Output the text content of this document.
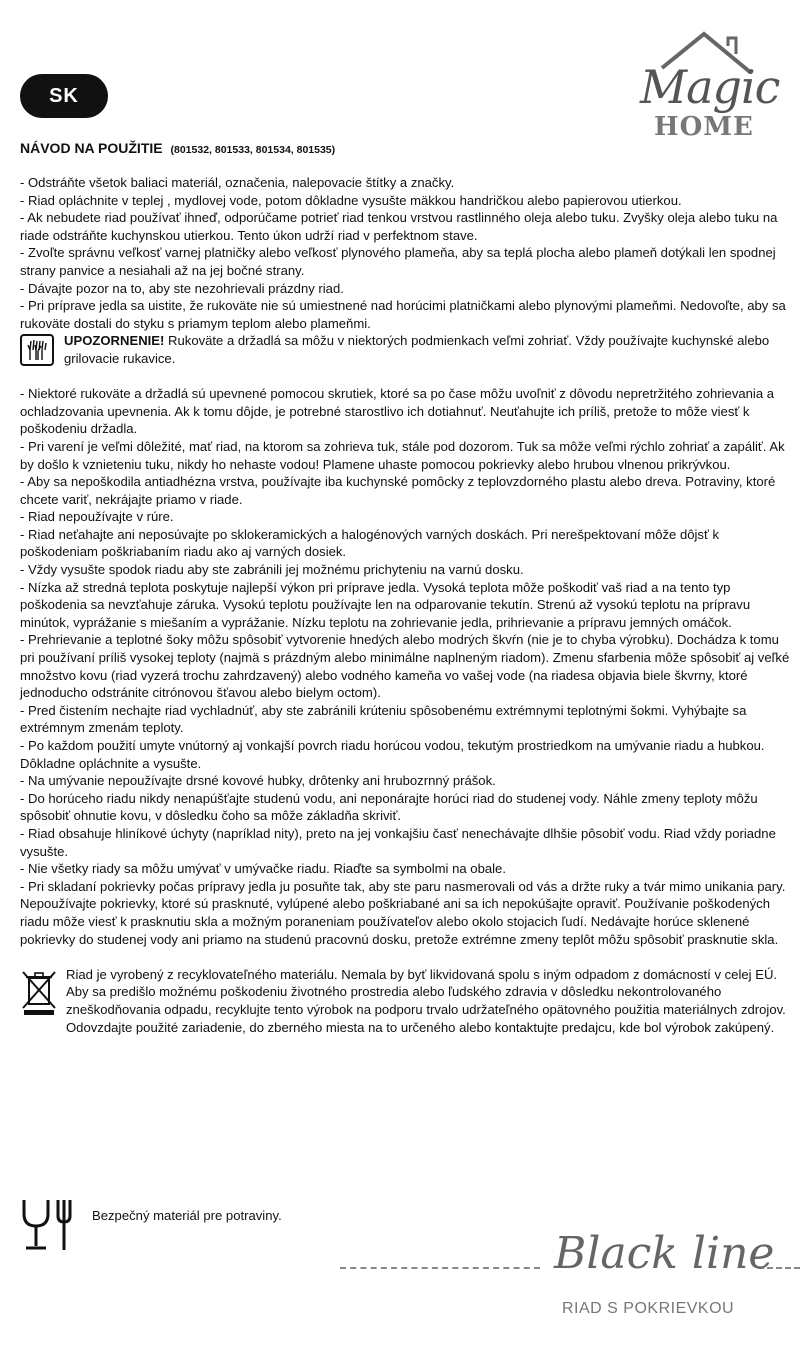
SK	Magic
HOME
NÁVOD NA POUŽITIE (801532, 801533, 801534, 801535)

- Odstráňte všetok baliaci materiál, označenia, nalepovacie štítky a značky.

- Riad opláchnite v teplej , mydlovej vode, potom dôkladne vysušte mäkkou handričkou alebo papierovou utierkou.

- Ak nebudete riad používať ihneď, odporúčame potrieť riad tenkou vrstvou rastlinného oleja alebo tuku. Zvyšky oleja alebo tuku na riade odstráňte kuchynskou utierkou. Tento úkon udrží riad v perfektnom stave.

- Zvoľte správnu veľkosť varnej platničky alebo veľkosť plynového plameňa, aby sa teplá plocha alebo plameň dotýkali len spodnej strany panvice a nesiahali až na jej bočné strany.

- Dávajte pozor na to, aby ste nezohrievali prázdny riad.

- Pri príprave jedla sa uistite, že rukoväte nie sú umiestnené nad horúcimi platničkami alebo plynovými plameňmi. Nedovoľte, aby sa rukoväte dostali do styku s priamym teplom alebo plameňmi.

UPOZORNENIE! Rukoväte a držadlá sa môžu v niektorých podmienkach veľmi zohriať. Vždy používajte kuchynské alebo grilovacie rukavice.

- Niektoré rukoväte a držadlá sú upevnené pomocou skrutiek, ktoré sa po čase môžu uvoľniť z dôvodu nepretržitého zohrievania a ochladzovania upevnenia. Ak k tomu dôjde, je potrebné starostlivo ich dotiahnuť. Neuťahujte ich príliš, pretože to môže viesť k poškodeniu držadla.

- Pri varení je veľmi dôležité, mať riad, na ktorom sa zohrieva tuk, stále pod dozorom. Tuk sa môže veľmi rýchlo zohriať a zapáliť. Ak by došlo k vznieteniu tuku, nikdy ho nehaste vodou! Plamene uhaste pomocou pokrievky alebo hrubou vlnenou prikrývkou.

- Aby sa nepoškodila antiadhézna vrstva, používajte iba kuchynské pomôcky z teplovzdorného plastu alebo dreva. Potraviny, ktoré chcete variť, nekrájajte priamo v riade.

- Riad nepoužívajte v rúre.

- Riad neťahajte ani neposúvajte po sklokeramických a halogénových varných doskách. Pri nerešpektovaní môže dôjsť k poškodeniam poškriabaním riadu ako aj varných dosiek.

- Vždy vysušte spodok riadu aby ste zabránili jej možnému prichyteniu na varnú dosku.

- Nízka až stredná teplota poskytuje najlepší výkon pri príprave jedla. Vysoká teplota môže poškodiť vaš riad a na tento typ poškodenia sa nevzťahuje záruka. Vysokú teplotu používajte len na odparovanie tekutín. Strenú až vysokú teplotu na prípravu minútok, vyprážanie s miešaním a vyprážanie. Nízku teplotu na zohrievanie jedla, prihrievanie a prípravu jemných omáčok.

- Prehrievanie a teplotné šoky môžu spôsobiť vytvorenie hnedých alebo modrých škvŕn (nie je to chyba výrobku). Dochádza k tomu pri používaní príliš vysokej teploty (najmä s prázdným alebo minimálne naplneným riadom). Zmenu sfarbenia môže spôsobiť aj veľké množstvo kovu (riad vyzerá trochu zahrdzavený) alebo vodného kameňa vo vašej vode (na riadesa objavia biele škvrny, ktoré jednoducho odstránite citrónovou šťavou alebo bielym octom).

- Pred čistením nechajte riad vychladnúť, aby ste zabránili krúteniu spôsobenému extrémnymi teplotnými šokmi. Vyhýbajte sa extrémnym zmenám teploty.

- Po každom použití umyte vnútorný aj vonkajší povrch riadu horúcou vodou, tekutým prostriedkom na umývanie riadu a hubkou. Dôkladne opláchnite a vysušte.

- Na umývanie nepoužívajte drsné kovové hubky, drôtenky ani hrubozrnný prášok.

- Do horúceho riadu nikdy nenapúšťajte studenú vodu, ani neponárajte horúci riad do studenej vody. Náhle zmeny teploty môžu spôsobiť ohnutie kovu, v dôsledku čoho sa môže základňa skriviť.

- Riad obsahuje hliníkové úchyty (napríklad nity), preto na jej vonkajšiu časť nenechávajte dlhšie pôsobiť vodu. Riad vždy poriadne vysušte.

- Nie všetky riady sa môžu umývať v umývačke riadu. Riaďte sa symbolmi na obale.

- Pri skladaní pokrievky počas prípravy jedla ju posuňte tak, aby ste paru nasmerovali od vás a držte ruky a tvár mimo unikania pary. Nepoužívajte pokrievky, ktoré sú prasknuté, vylúpené alebo poškriabané ani sa ich nepokúšajte opraviť. Používanie poškodených riadu môže viesť k prasknutiu skla a možným poraneniam používateľov alebo okolo stojacich ľudí. Nedávajte horúce sklenené pokrievky do studenej vody ani priamo na studenú pracovnú dosku, pretože extrémne zmeny teplôt môžu spôsobiť prasknutie skla.

Riad je vyrobený z recyklovateľného materiálu. Nemala by byť likvidovaná spolu s iným odpadom z domácností v celej EÚ. Aby sa predišlo možnému poškodeniu životného prostredia alebo ľudského zdravia v dôsledku nekontrolovaného zneškodňovania odpadu, recyklujte tento výrobok na podporu trvalo udržateľného opätovného použitia materiálnych zdrojov. Odovzdajte použité zariadenie, do zberného miesta na to určeného alebo kontaktujte predajcu, kde bol výrobok zakúpený.

Bezpečný materiál pre potraviny.
Black line
RIAD S POKRIEVKOU
